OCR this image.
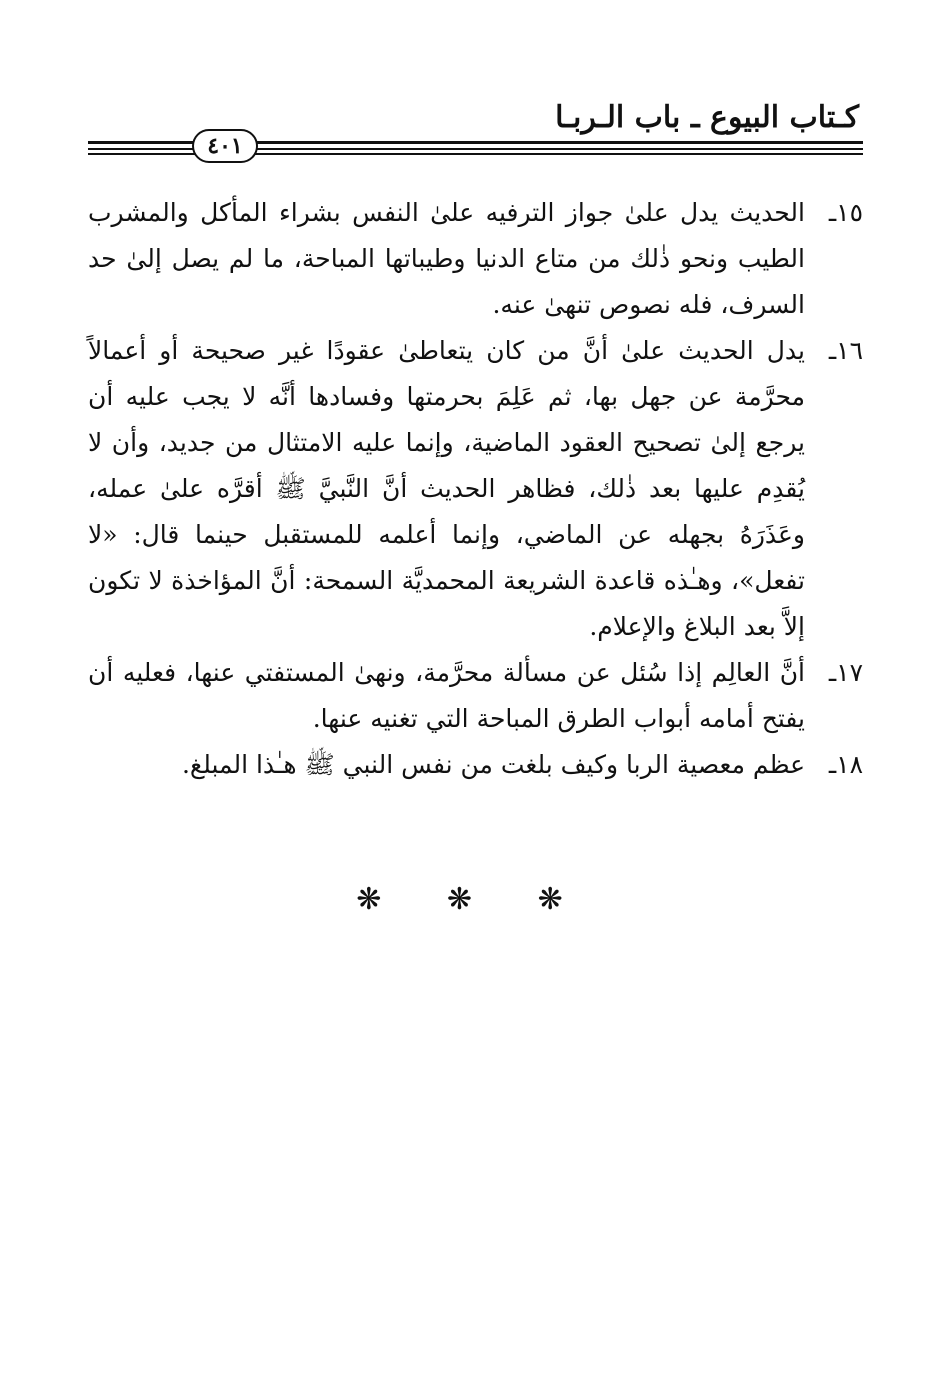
كـتاب البيوع ـ باب الـربـا
٤٠١

١٥ـ
الحديث يدل علىٰ جواز الترفيه علىٰ النفس بشراء المأكل والمشرب الطيب ونحو ذٰلك من متاع الدنيا وطيباتها المباحة، ما لم يصل إلىٰ حد السرف، فله نصوص تنهىٰ عنه.

١٦ـ
يدل الحديث علىٰ أنَّ من كان يتعاطىٰ عقودًا غير صحيحة أو أعمالاً محرَّمة عن جهل بها، ثم عَلِمَ بحرمتها وفسادها أنَّه لا يجب عليه أن يرجع إلىٰ تصحيح العقود الماضية، وإنما عليه الامتثال من جديد، وأن لا يُقدِم عليها بعد ذٰلك، فظاهر الحديث أنَّ النَّبيَّ ﷺ أقرَّه علىٰ عمله، وعَذَرَهُ بجهله عن الماضي، وإنما أعلمه للمستقبل حينما قال: «لا تفعل»، وهـٰذه قاعدة الشريعة المحمديَّة السمحة: أنَّ المؤاخذة لا تكون إلاَّ بعد البلاغ والإعلام.

١٧ـ
أنَّ العالِم إذا سُئل عن مسألة محرَّمة، ونهىٰ المستفتي عنها، فعليه أن يفتح أمامه أبواب الطرق المباحة التي تغنيه عنها.

١٨ـ
عظم معصية الربا وكيف بلغت من نفس النبي ﷺ هـٰذا المبلغ.

❋ ❋ ❋
